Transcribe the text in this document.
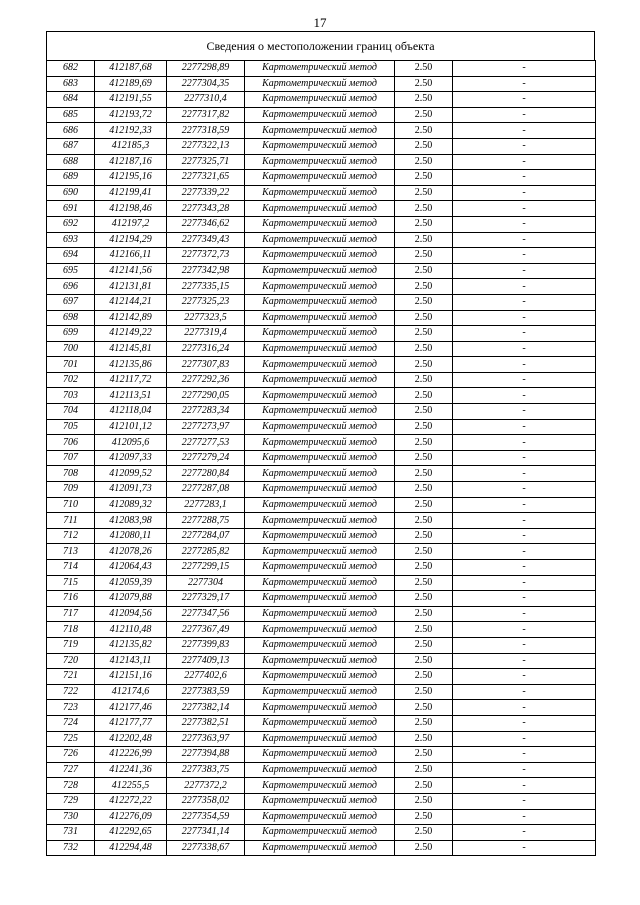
17
Сведения о местоположении границ объекта
682	412187,68	2277298,89	Картометрический метод	2.50	-
683	412189,69	2277304,35	Картометрический метод	2.50	-
684	412191,55	2277310,4	Картометрический метод	2.50	-
685	412193,72	2277317,82	Картометрический метод	2.50	-
686	412192,33	2277318,59	Картометрический метод	2.50	-
687	412185,3	2277322,13	Картометрический метод	2.50	-
688	412187,16	2277325,71	Картометрический метод	2.50	-
689	412195,16	2277321,65	Картометрический метод	2.50	-
690	412199,41	2277339,22	Картометрический метод	2.50	-
691	412198,46	2277343,28	Картометрический метод	2.50	-
692	412197,2	2277346,62	Картометрический метод	2.50	-
693	412194,29	2277349,43	Картометрический метод	2.50	-
694	412166,11	2277372,73	Картометрический метод	2.50	-
695	412141,56	2277342,98	Картометрический метод	2.50	-
696	412131,81	2277335,15	Картометрический метод	2.50	-
697	412144,21	2277325,23	Картометрический метод	2.50	-
698	412142,89	2277323,5	Картометрический метод	2.50	-
699	412149,22	2277319,4	Картометрический метод	2.50	-
700	412145,81	2277316,24	Картометрический метод	2.50	-
701	412135,86	2277307,83	Картометрический метод	2.50	-
702	412117,72	2277292,36	Картометрический метод	2.50	-
703	412113,51	2277290,05	Картометрический метод	2.50	-
704	412118,04	2277283,34	Картометрический метод	2.50	-
705	412101,12	2277273,97	Картометрический метод	2.50	-
706	412095,6	2277277,53	Картометрический метод	2.50	-
707	412097,33	2277279,24	Картометрический метод	2.50	-
708	412099,52	2277280,84	Картометрический метод	2.50	-
709	412091,73	2277287,08	Картометрический метод	2.50	-
710	412089,32	2277283,1	Картометрический метод	2.50	-
711	412083,98	2277288,75	Картометрический метод	2.50	-
712	412080,11	2277284,07	Картометрический метод	2.50	-
713	412078,26	2277285,82	Картометрический метод	2.50	-
714	412064,43	2277299,15	Картометрический метод	2.50	-
715	412059,39	2277304	Картометрический метод	2.50	-
716	412079,88	2277329,17	Картометрический метод	2.50	-
717	412094,56	2277347,56	Картометрический метод	2.50	-
718	412110,48	2277367,49	Картометрический метод	2.50	-
719	412135,82	2277399,83	Картометрический метод	2.50	-
720	412143,11	2277409,13	Картометрический метод	2.50	-
721	412151,16	2277402,6	Картометрический метод	2.50	-
722	412174,6	2277383,59	Картометрический метод	2.50	-
723	412177,46	2277382,14	Картометрический метод	2.50	-
724	412177,77	2277382,51	Картометрический метод	2.50	-
725	412202,48	2277363,97	Картометрический метод	2.50	-
726	412226,99	2277394,88	Картометрический метод	2.50	-
727	412241,36	2277383,75	Картометрический метод	2.50	-
728	412255,5	2277372,2	Картометрический метод	2.50	-
729	412272,22	2277358,02	Картометрический метод	2.50	-
730	412276,09	2277354,59	Картометрический метод	2.50	-
731	412292,65	2277341,14	Картометрический метод	2.50	-
732	412294,48	2277338,67	Картометрический метод	2.50	-
